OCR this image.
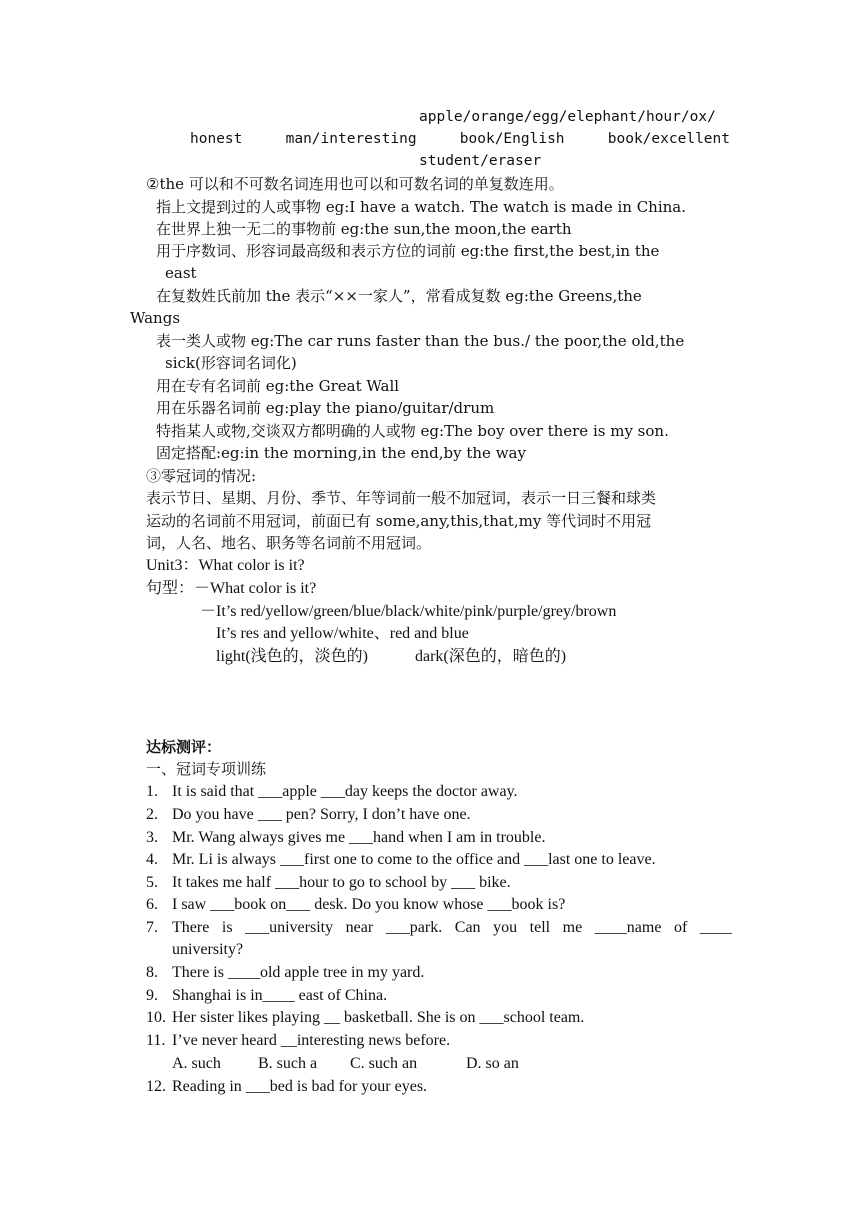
apple/orange/egg/elephant/hour/ox/
honest	man/interesting	book/English	book/excellent
student/eraser
②the 可以和不可数名词连用也可以和可数名词的单复数连用。
指上文提到过的人或事物 eg:I have a watch. The watch is made in China.
在世界上独一无二的事物前 eg:the sun,the moon,the earth
用于序数词、形容词最高级和表示方位的词前 eg:the first,the best,in the
east
在复数姓氏前加 the 表示“××一家人”，常看成复数 eg:the Greens,the
Wangs
表一类人或物 eg:The car runs faster than the bus./ the poor,the old,the
sick(形容词名词化)
用在专有名词前 eg:the Great Wall
用在乐器名词前 eg:play the piano/guitar/drum
特指某人或物,交谈双方都明确的人或物 eg:The boy over there is my son.
固定搭配:eg:in the morning,in the end,by the way
③零冠词的情况:
表示节日、星期、月份、季节、年等词前一般不加冠词，表示一日三餐和球类
运动的名词前不用冠词，前面已有 some,any,this,that,my 等代词时不用冠
词，人名、地名、职务等名词前不用冠词。
Unit3：What color is it?
句型：－What color is it?
－It’s red/yellow/green/blue/black/white/pink/purple/grey/brown
It’s res and yellow/white、red and blue
light(浅色的，淡色的)	dark(深色的，暗色的)
达标测评：
一、冠词专项训练
1. It is said that ___apple ___day keeps the doctor away.
2. Do you have ___ pen? Sorry, I don’t have one.
3. Mr. Wang always gives me ___hand when I am in trouble.
4. Mr. Li is always ___first one to come to the office and ___last one to leave.
5. It takes me half ___hour to go to school by ___ bike.
6. I saw ___book on___ desk. Do you know whose ___book is?
7. There is ___university near ___park. Can you tell me ____name of ____
university?
8. There is ____old apple tree in my yard.
9. Shanghai is in____ east of China.
10. Her sister likes playing __ basketball. She is on ___school team.
11. I’ve never heard __interesting news before.
A. such B. such a C. such an	D. so an
12. Reading in ___bed is bad for your eyes.
